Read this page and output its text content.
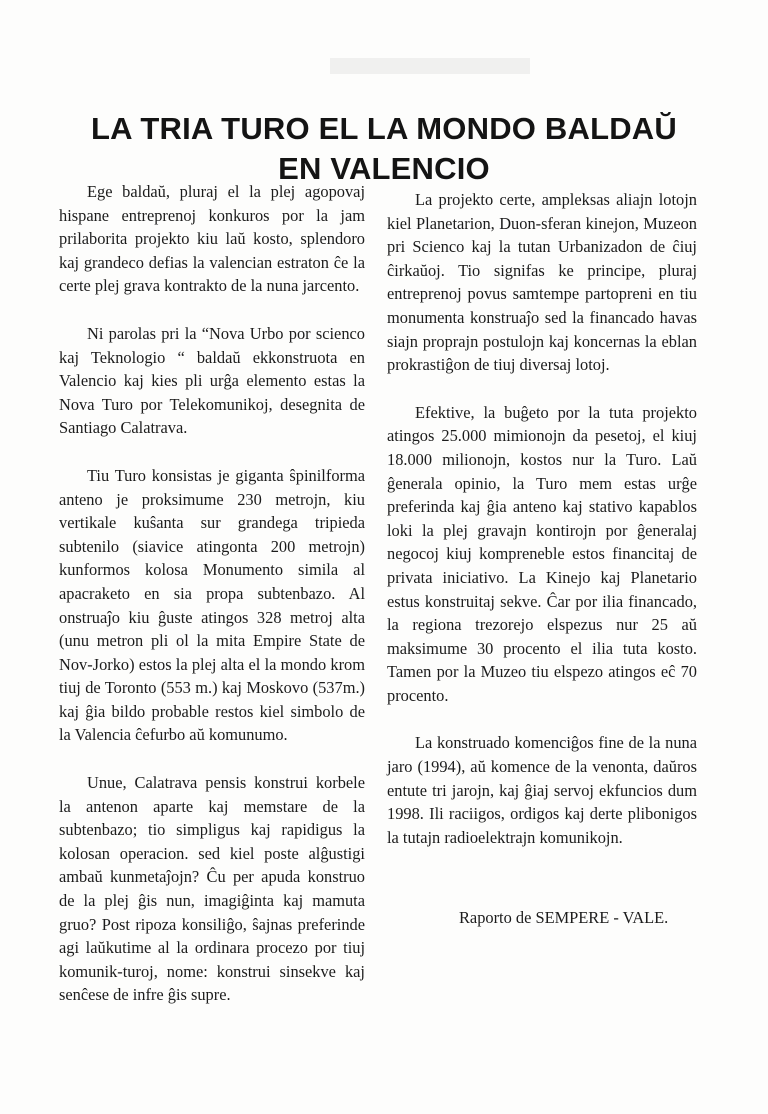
LA TRIA TURO EL LA MONDO BALDAŬ
EN VALENCIO

Ege baldaŭ, pluraj el la plej agopovaj hispane entreprenoj konkuros por la jam prilaborita projekto kiu laŭ kosto, splendoro kaj grandeco defias la valencian estraton ĉe la certe plej grava kontrakto de la nuna jarcento.

Ni parolas pri la “Nova Urbo por scienco kaj Teknologio “ baldaŭ ekkonstruota en Valencio kaj kies pli urĝa elemento estas la Nova Turo por Telekomunikoj, desegnita de Santiago Calatrava.

Tiu Turo konsistas je giganta ŝpinilforma anteno je proksimume 230 metrojn, kiu vertikale kuŝanta sur grandega tripieda subtenilo (siavice atingonta 200 metrojn) kunformos kolosa Monumento simila al apacraketo en sia propa subtenbazo. Al onstruaĵo kiu ĝuste atingos 328 metroj alta (unu metron pli ol la mita Empire State de Nov-Jorko) estos la plej alta el la mondo krom tiuj de Toronto (553 m.) kaj Moskovo (537m.) kaj ĝia bildo probable restos kiel simbolo de la Valencia ĉefurbo aŭ komunumo.

Unue, Calatrava pensis konstrui korbele la antenon aparte kaj memstare de la subtenbazo; tio simpligus kaj rapidigus la kolosan operacion. sed kiel poste alĝustigi ambaŭ kunmetaĵojn? Ĉu per apuda konstruo de la plej ĝis nun, imagiĝinta kaj mamuta gruo? Post ripoza konsiliĝo, ŝajnas preferinde agi laŭkutime al la ordinara procezo por tiuj komunik-turoj, nome: konstrui sinsekve kaj senĉese de infre ĝis supre.

La projekto certe, ampleksas aliajn lotojn kiel Planetarion, Duon-sferan kinejon, Muzeon pri Scienco kaj la tutan Urbanizadon de ĉiuj ĉirkaŭoj. Tio signifas ke principe, pluraj entreprenoj povus samtempe partopreni en tiu monumenta konstruaĵo sed la financado havas siajn proprajn postulojn kaj koncernas la eblan prokrastiĝon de tiuj diversaj lotoj.

Efektive, la buĝeto por la tuta projekto atingos 25.000 mimionojn da pesetoj, el kiuj 18.000 milionojn, kostos nur la Turo. Laŭ ĝenerala opinio, la Turo mem estas urĝe preferinda kaj ĝia anteno kaj stativo kapablos loki la plej gravajn kontirojn por ĝeneralaj negocoj kiuj kompreneble estos financitaj de privata iniciativo. La Kinejo kaj Planetario estus konstruitaj sekve. Ĉar por ilia financado, la regiona trezorejo elspezus nur 25 aŭ maksimume 30 procento el ilia tuta kosto. Tamen por la Muzeo tiu elspezo atingos eĉ 70 procento.

La konstruado komenciĝos fine de la nuna jaro (1994), aŭ komence de la venonta, daŭros entute tri jarojn, kaj ĝiaj servoj ekfuncios dum 1998. Ili raciigos, ordigos kaj derte plibonigos la tutajn radioelektrajn komunikojn.

Raporto de SEMPERE - VALE.
